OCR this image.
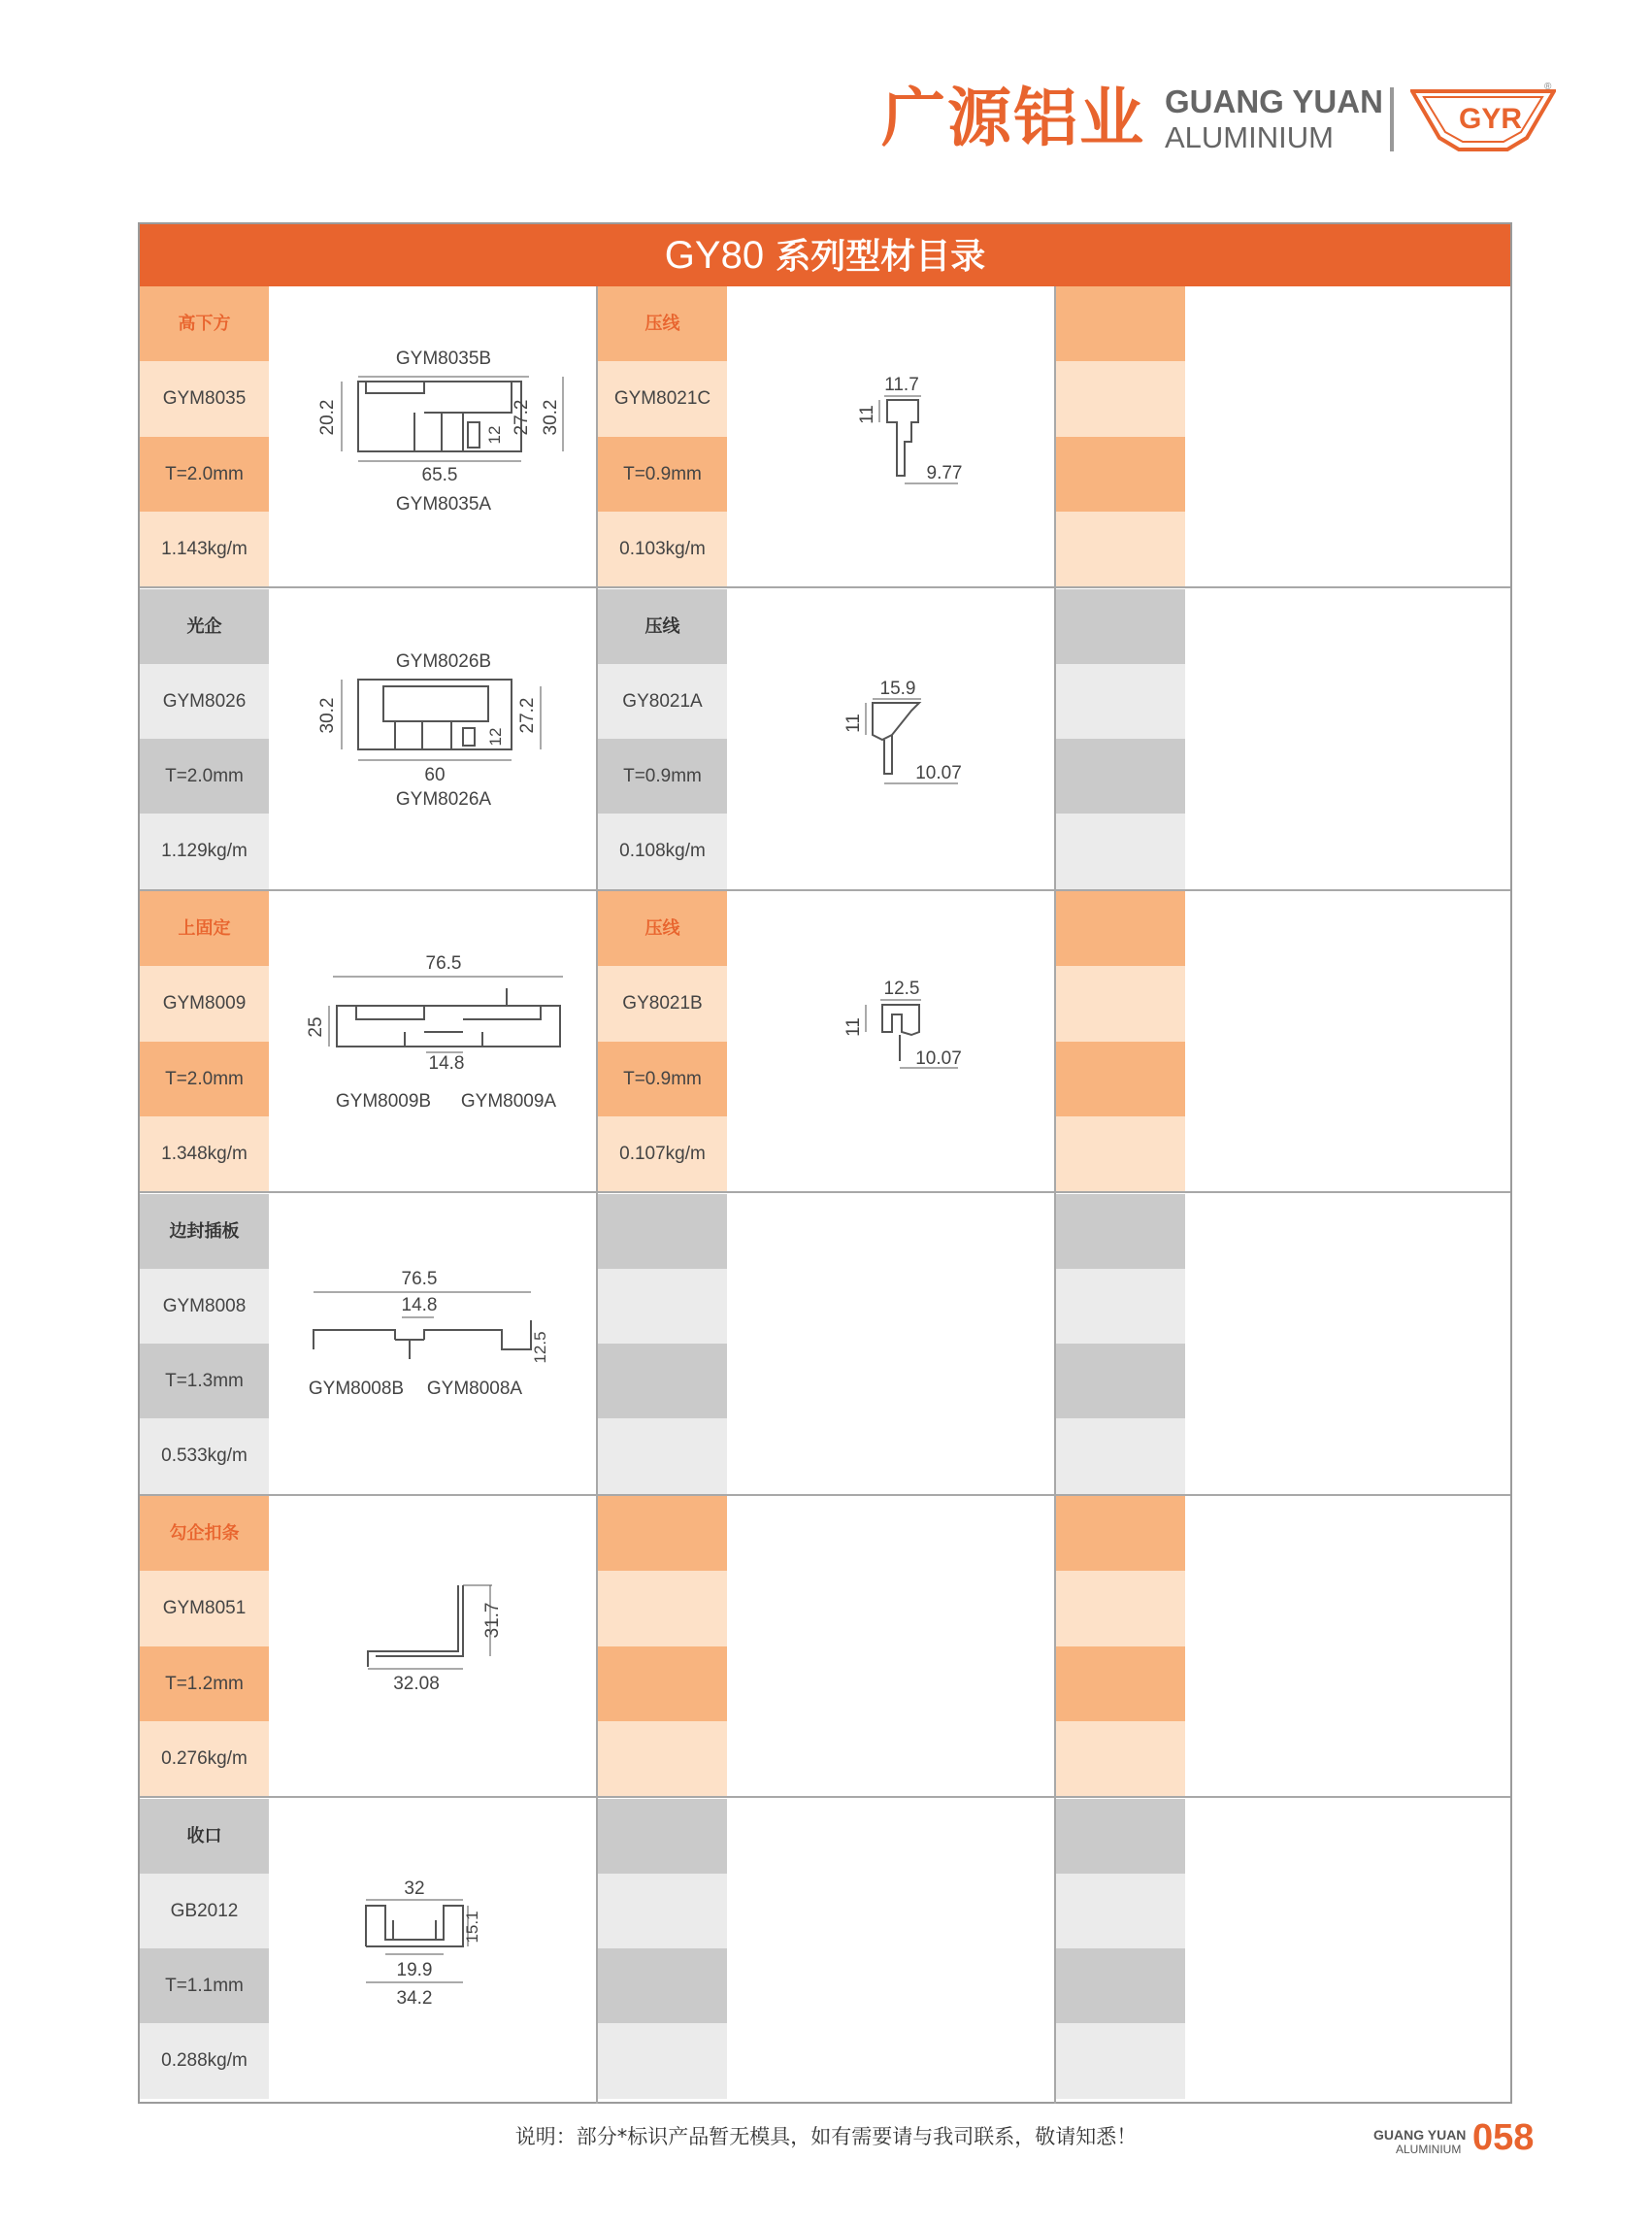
广源铝业 GUANG YUAN
ALUMINIUM
GYR
®
GY80 系列型材目录
高下方
GYM8035
T=2.0mm
1.143kg/m
GYM8035B
20.2	27.2 30.2
12
65.5
GYM8035A
压线
GYM8021C
T=0.9mm
0.103kg/m
11.7
11
9.77
光企
GYM8026
T=2.0mm
1.129kg/m
GYM8026B
30.2	27.2
12
60
GYM8026A
压线
GY8021A
T=0.9mm
0.108kg/m
15.9
11
10.07
上固定
GYM8009
T=2.0mm
1.348kg/m
76.5
25
14.8
GYM8009B GYM8009A
压线
GY8021B
T=0.9mm
0.107kg/m
12.5
11
10.07
边封插板
GYM8008
T=1.3mm
0.533kg/m
76.5
14.8
12.5
GYM8008B GYM8008A
勾企扣条
GYM8051
T=1.2mm
0.276kg/m
31.7
32.08
收口
GB2012
T=1.1mm
0.288kg/m
32
15.1
19.9
34.2
说明：部分*标识产品暂无模具，如有需要请与我司联系，敬请知悉！	GUANG YUAN
ALUMINIUM 058
